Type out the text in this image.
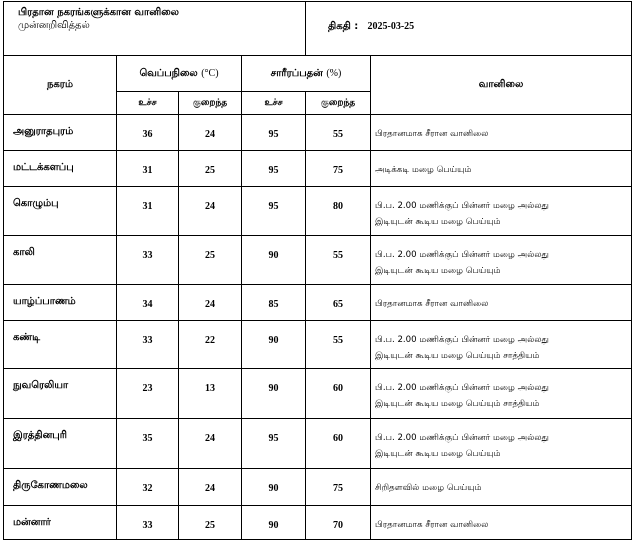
பிரதான நகரங்களுக்கான வானிலை
முன்னறிவித்தல்				திகதி : 2025-03-25	
நகரம்	வெப்பநிலை (°C)		சாரீரப்பதன் (%)		வானிலை
	உச்ச	குறைந்த	உச்ச	குறைந்த	

அனுராதபுரம்	36	24	95	55	பிரதானமாக சீரான வானிலை

மட்டக்களப்பு	31	25	95	75	அடிக்கடி மழை பெய்யும்

கொழும்பு	31	24	95	80	பி.ப. 2.00 மணிக்குப் பின்னர் மழை அல்லது
இடியுடன் கூடிய மழை பெய்யும்

காலி	33	25	90	55	பி.ப. 2.00 மணிக்குப் பின்னர் மழை அல்லது
இடியுடன் கூடிய மழை பெய்யும்

யாழ்ப்பாணம்	34	24	85	65	பிரதானமாக சீரான வானிலை

கண்டி	33	22	90	55	பி.ப. 2.00 மணிக்குப் பின்னர் மழை அல்லது
இடியுடன் கூடிய மழை பெய்யும் சாத்தியம்

நுவரெலியா	23	13	90	60	பி.ப. 2.00 மணிக்குப் பின்னர் மழை அல்லது
இடியுடன் கூடிய மழை பெய்யும் சாத்தியம்

இரத்தினபுரி	35	24	95	60	பி.ப. 2.00 மணிக்குப் பின்னர் மழை அல்லது
இடியுடன் கூடிய மழை பெய்யும்

திருகோணமலை	32	24	90	75	சிறிதளவில் மழை பெய்யும்

மன்னார்	33	25	90	70	பிரதானமாக சீரான வானிலை
